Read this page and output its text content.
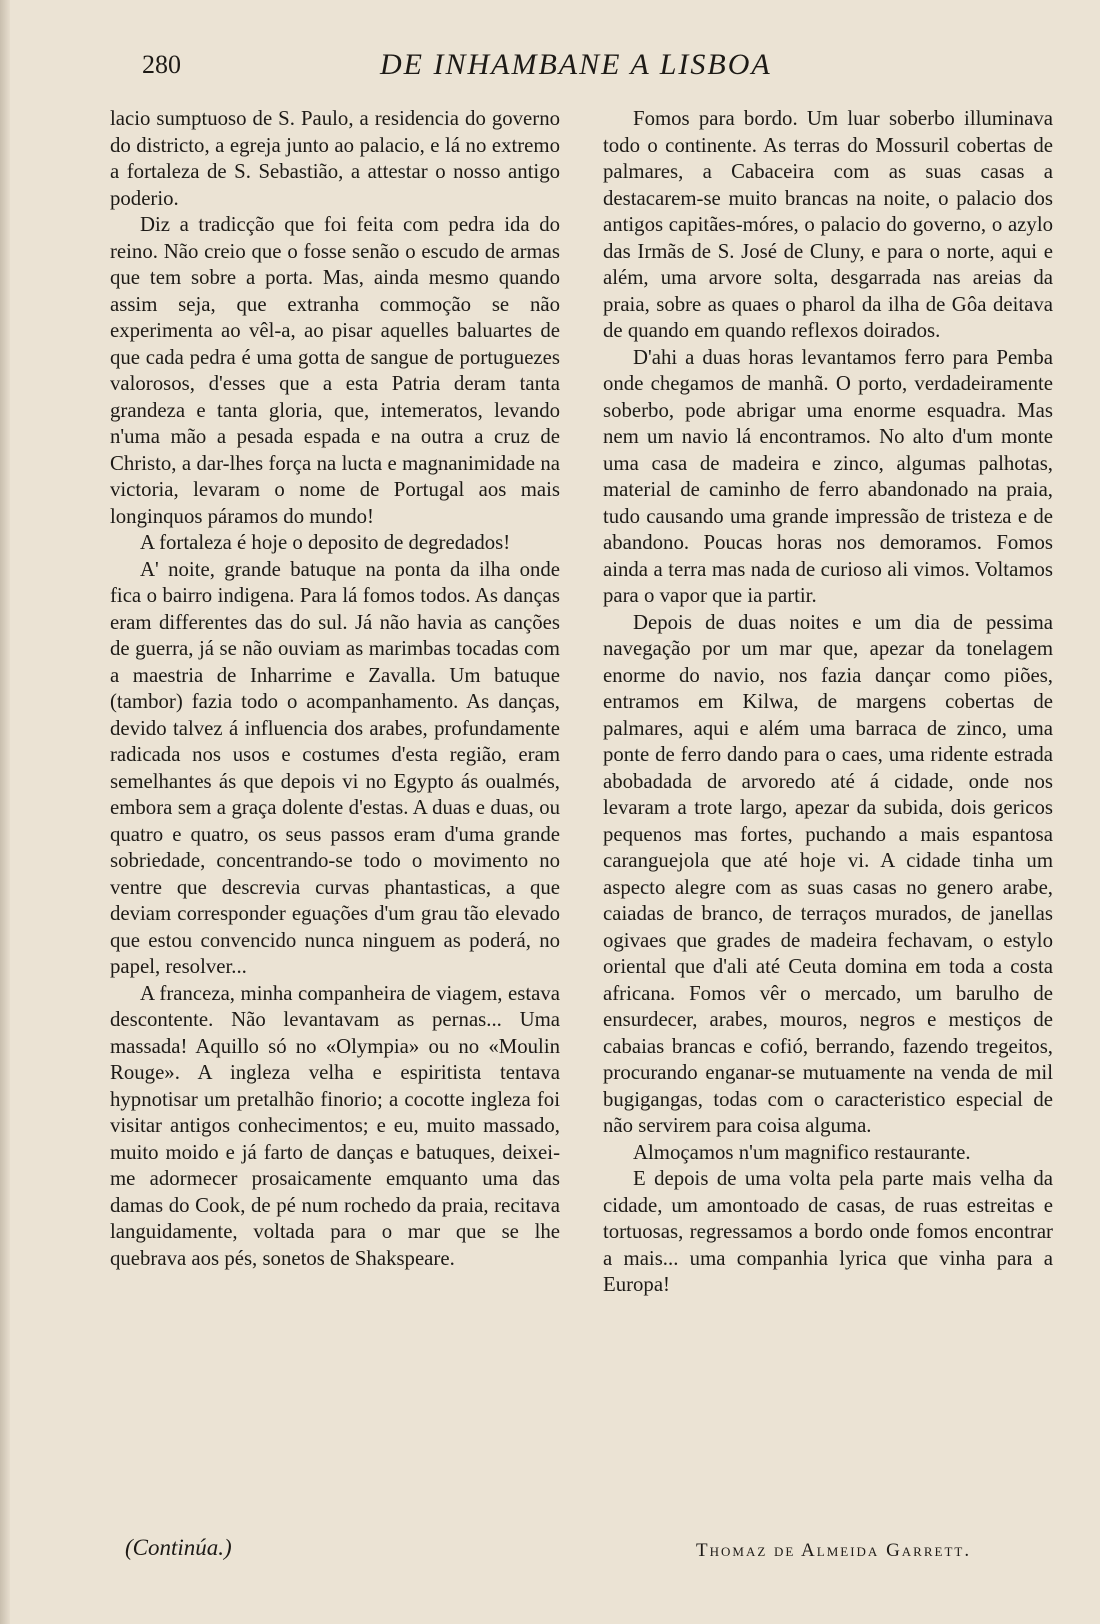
280	DE INHAMBANE A LISBOA

lacio sumptuoso de S. Paulo, a residencia do governo do districto, a egreja junto ao palacio, e lá no extremo a fortaleza de S. Sebastião, a attestar o nosso antigo poderio.

Diz a tradicção que foi feita com pedra ida do reino. Não creio que o fosse senão o escudo de armas que tem sobre a porta. Mas, ainda mesmo quando assim seja, que extranha commoção se não experimenta ao vêl-a, ao pisar aquelles baluartes de que cada pedra é uma gotta de sangue de portuguezes valorosos, d'esses que a esta Patria deram tanta grandeza e tanta gloria, que, intemeratos, levando n'uma mão a pesada espada e na outra a cruz de Christo, a dar-lhes força na lucta e magnanimidade na victoria, levaram o nome de Portugal aos mais longinquos páramos do mundo!

A fortaleza é hoje o deposito de degredados!

A' noite, grande batuque na ponta da ilha onde fica o bairro indigena. Para lá fomos todos. As danças eram differentes das do sul. Já não havia as canções de guerra, já se não ouviam as marimbas tocadas com a maestria de Inharrime e Zavalla. Um batuque (tambor) fazia todo o acompanhamento. As danças, devido talvez á influencia dos arabes, profundamente radicada nos usos e costumes d'esta região, eram semelhantes ás que depois vi no Egypto ás oualmés, embora sem a graça dolente d'estas. A duas e duas, ou quatro e quatro, os seus passos eram d'uma grande sobriedade, concentrando-se todo o movimento no ventre que descrevia curvas phantasticas, a que deviam corresponder eguações d'um grau tão elevado que estou convencido nunca ninguem as poderá, no papel, resolver...

A franceza, minha companheira de viagem, estava descontente. Não levantavam as pernas... Uma massada! Aquillo só no «Olympia» ou no «Moulin Rouge». A ingleza velha e espiritista tentava hypnotisar um pretalhão finorio; a cocotte ingleza foi visitar antigos conhecimentos; e eu, muito massado, muito moido e já farto de danças e batuques, deixei-me adormecer prosaicamente emquanto uma das damas do Cook, de pé num rochedo da praia, recitava languidamente, voltada para o mar que se lhe quebrava aos pés, sonetos de Shakspeare.

Fomos para bordo. Um luar soberbo illuminava todo o continente. As terras do Mossuril cobertas de palmares, a Cabaceira com as suas casas a destacarem-se muito brancas na noite, o palacio dos antigos capitães-móres, o palacio do governo, o azylo das Irmãs de S. José de Cluny, e para o norte, aqui e além, uma arvore solta, desgarrada nas areias da praia, sobre as quaes o pharol da ilha de Gôa deitava de quando em quando reflexos doirados.

D'ahi a duas horas levantamos ferro para Pemba onde chegamos de manhã. O porto, verdadeiramente soberbo, pode abrigar uma enorme esquadra. Mas nem um navio lá encontramos. No alto d'um monte uma casa de madeira e zinco, algumas palhotas, material de caminho de ferro abandonado na praia, tudo causando uma grande impressão de tristeza e de abandono. Poucas horas nos demoramos. Fomos ainda a terra mas nada de curioso ali vimos. Voltamos para o vapor que ia partir.

Depois de duas noites e um dia de pessima navegação por um mar que, apezar da tonelagem enorme do navio, nos fazia dançar como piões, entramos em Kilwa, de margens cobertas de palmares, aqui e além uma barraca de zinco, uma ponte de ferro dando para o caes, uma ridente estrada abobadada de arvoredo até á cidade, onde nos levaram a trote largo, apezar da subida, dois gericos pequenos mas fortes, puchando a mais espantosa caranguejola que até hoje vi. A cidade tinha um aspecto alegre com as suas casas no genero arabe, caiadas de branco, de terraços murados, de janellas ogivaes que grades de madeira fechavam, o estylo oriental que d'ali até Ceuta domina em toda a costa africana. Fomos vêr o mercado, um barulho de ensurdecer, arabes, mouros, negros e mestiços de cabaias brancas e cofió, berrando, fazendo tregeitos, procurando enganar-se mutuamente na venda de mil bugigangas, todas com o caracteristico especial de não servirem para coisa alguma.

Almoçamos n'um magnifico restaurante.

E depois de uma volta pela parte mais velha da cidade, um amontoado de casas, de ruas estreitas e tortuosas, regressamos a bordo onde fomos encontrar a mais... uma companhia lyrica que vinha para a Europa!

(Continúa.)	Thomaz de Almeida Garrett.
